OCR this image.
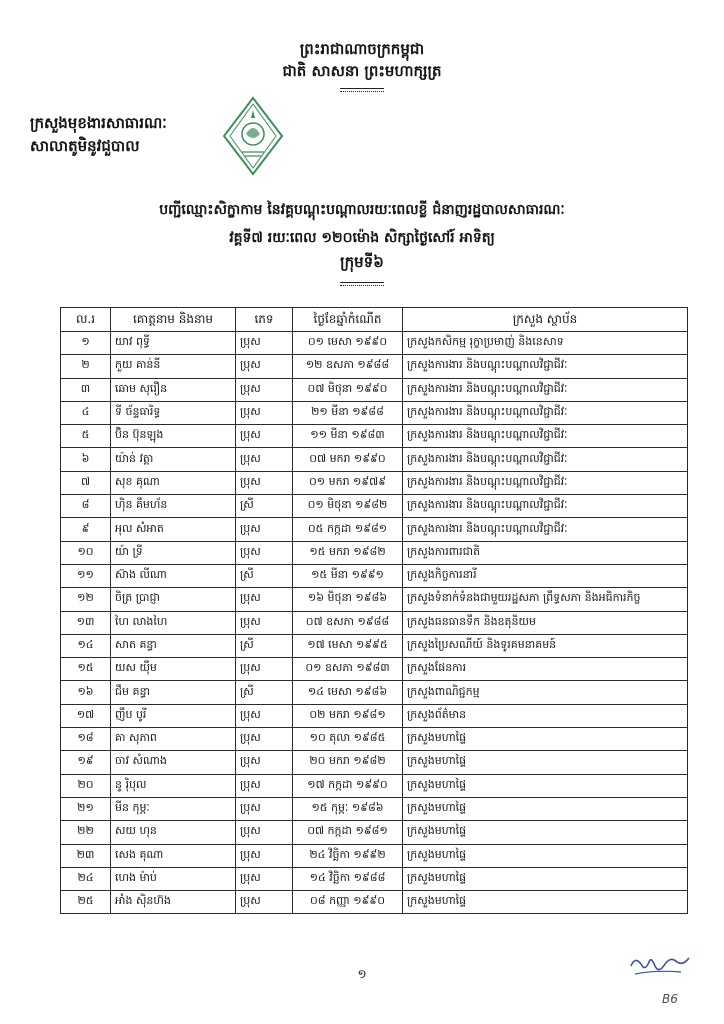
ព្រះរាជាណាចក្រកម្ពុជា
ជាតិ សាសនា ព្រះមហាក្សត្រ
ក្រសួងមុខងារសាធារណៈ
សាលាតូមិនូវជួបាល
បញ្ជីឈ្មោះសិក្ខាកាម នៃវគ្គបណ្តុះបណ្តាលរយៈពេលខ្លី ជំនាញរដ្ឋបាលសាធារណៈ
វគ្គទី៧ រយៈពេល ១២០ម៉ោង សិក្សាថ្ងៃសៅរ៍ អាទិត្យ
ក្រុមទី៦
ល.រ	គោត្តនាម និងនាម	ភេទ	ថ្ងៃខែឆ្នាំកំណើត	ក្រសួង ស្ថាប័ន
១	យាវ ពុទ្ធី	ប្រុស	០១ មេសា ១៩៩០	ក្រសួងកសិកម្ម រុក្ខាប្រមាញ់ និងនេសាទ
២	កួយ គាន់នី	ប្រុស	១២ ឧសភា ១៩៨៨	ក្រសួងការងារ និងបណ្តុះបណ្តាលវិជ្ជាជីវៈ
៣	ឆោម សុរឿន	ប្រុស	០៧ មិថុនា ១៩៩០	ក្រសួងការងារ និងបណ្តុះបណ្តាលវិជ្ជាជីវៈ
៤	ទី ច័ន្ទធារិទ្ធ	ប្រុស	២១ មីនា ១៩៨៨	ក្រសួងការងារ និងបណ្តុះបណ្តាលវិជ្ជាជីវៈ
៥	ប៊ិន ប៊ុនឡុង	ប្រុស	១១ មីនា ១៩៨៣	ក្រសួងការងារ និងបណ្តុះបណ្តាលវិជ្ជាជីវៈ
៦	យ៉ាន់ វត្តា	ប្រុស	០៧ មករា ១៩៩០	ក្រសួងការងារ និងបណ្តុះបណ្តាលវិជ្ជាជីវៈ
៧	សុខ គុណា	ប្រុស	០១ មករា ១៩៧៩	ក្រសួងការងារ និងបណ្តុះបណ្តាលវិជ្ជាជីវៈ
៨	ហ៊ិន គឹមហ័ន	ស្រី	០១ មិថុនា ១៩៨២	ក្រសួងការងារ និងបណ្តុះបណ្តាលវិជ្ជាជីវៈ
៩	អុល សំអាត	ប្រុស	០៥ កក្កដា ១៩៨១	ក្រសួងការងារ និងបណ្តុះបណ្តាលវិជ្ជាជីវៈ
១០	យ៉ា ទ្រី	ប្រុស	១៥ មករា ១៩៨២	ក្រសួងការពារជាតិ
១១	ស៊ាង លីណា	ស្រី	១៥ មីនា ១៩៩១	ក្រសួងកិច្ចការនារី
១២	ចិត្រ ប្រាជ្ញា	ប្រុស	១៦ មិថុនា ១៩៨៦	ក្រសួងទំនាក់ទំនងជាមួយរដ្ឋសភា ព្រឹទ្ធសភា និងអធិការកិច្ច
១៣	ហៃ លាងហៃ	ប្រុស	០៧ ឧសភា ១៩៨៨	ក្រសួងធនធានទឹក និងឧតុនិយម
១៤	សាត គន្ធា	ស្រី	១៧ មេសា ១៩៩៥	ក្រសួងប្រៃសណីយ៍ និងទូរគមនាគមន៍
១៥	យស យ៉ឹម	ប្រុស	០១ ឧសភា ១៩៨៣	ក្រសួងផែនការ
១៦	ជឹម គន្ធា	ស្រី	១៤ មេសា ១៩៨៦	ក្រសួងពាណិជ្ជកម្ម
១៧	ញឹប បូរី	ប្រុស	០២ មករា ១៩៨១	ក្រសួងព័ត៌មាន
១៨	គា សុភាព	ប្រុស	១០ តុលា ១៩៨៥	ក្រសួងមហាផ្ទៃ
១៩	ចាវ សំណាង	ប្រុស	២០ មករា ១៩៨២	ក្រសួងមហាផ្ទៃ
២០	នូ រ៉ិបុល	ប្រុស	១៧ កក្កដា ១៩៩០	ក្រសួងមហាផ្ទៃ
២១	មីន កុម្ភៈ	ប្រុស	១៥ កុម្ភៈ ១៩៨៦	ក្រសួងមហាផ្ទៃ
២២	សយ ហុន	ប្រុស	០៧ កក្កដា ១៩៨១	ក្រសួងមហាផ្ទៃ
២៣	សេង គុណា	ប្រុស	២៤ វិច្ឆិកា ១៩៩២	ក្រសួងមហាផ្ទៃ
២៤	ហេង ម៉ាប់	ប្រុស	១៤ វិច្ឆិកា ១៩៨៨	ក្រសួងមហាផ្ទៃ
២៥	អាំង ស៊ិនហ៊ង	ប្រុស	០៨ កញ្ញា ១៩៩០	ក្រសួងមហាផ្ទៃ
១
B6
